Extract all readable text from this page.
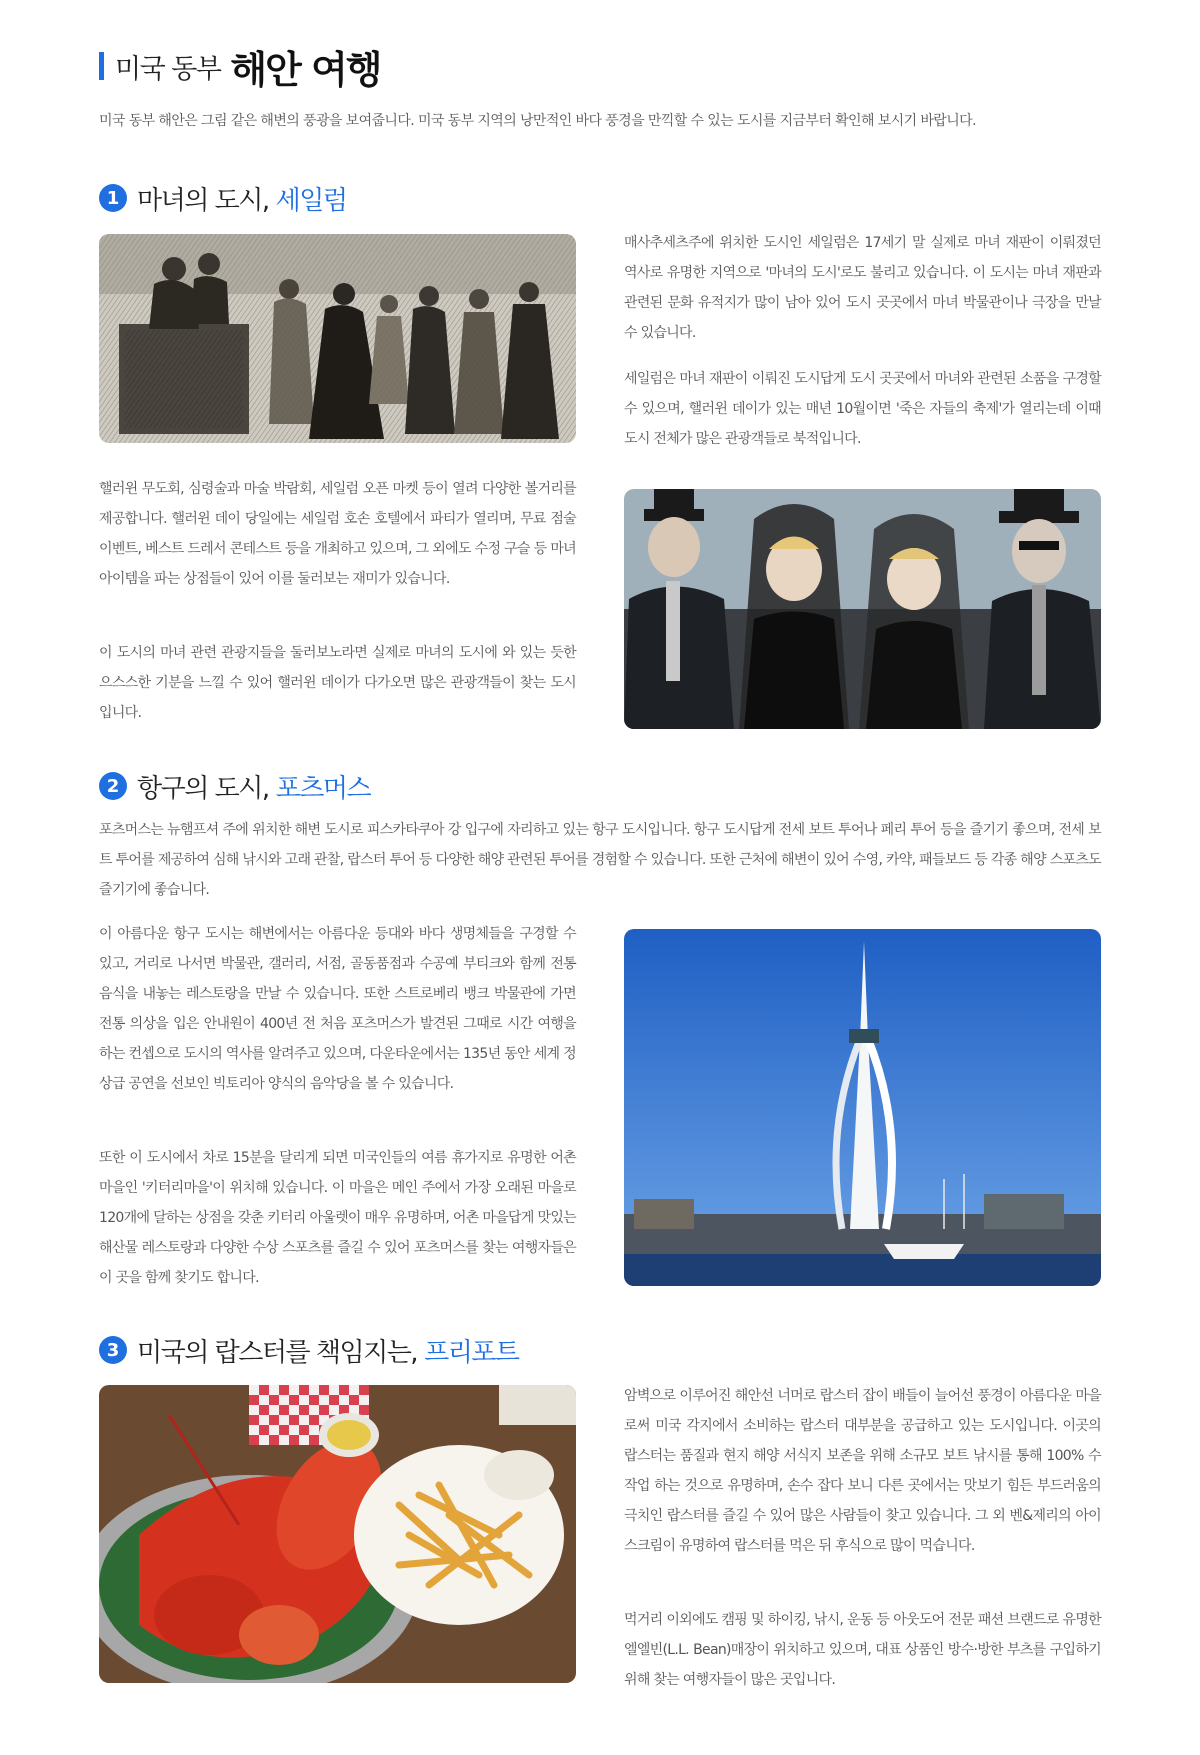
미국 동부 해안 여행

미국 동부 해안은 그림 같은 해변의 풍광을 보여줍니다. 미국 동부 지역의 낭만적인 바다 풍경을 만끽할 수 있는 도시를 지금부터 확인해 보시기 바랍니다.

1 마녀의 도시, 세일럼

매사추세츠주에 위치한 도시인 세일럼은 17세기 말 실제로 마녀 재판이 이뤄졌던 역사로 유명한 지역으로 '마녀의 도시'로도 불리고 있습니다. 이 도시는 마녀 재판과 관련된 문화 유적지가 많이 남아 있어 도시 곳곳에서 마녀 박물관이나 극장을 만날 수 있습니다.

세일럼은 마녀 재판이 이뤄진 도시답게 도시 곳곳에서 마녀와 관련된 소품을 구경할 수 있으며, 핼러윈 데이가 있는 매년 10월이면 '죽은 자들의 축제'가 열리는데 이때 도시 전체가 많은 관광객들로 북적입니다.

핼러윈 무도회, 심령술과 마술 박람회, 세일럼 오픈 마켓 등이 열려 다양한 볼거리를 제공합니다. 핼러윈 데이 당일에는 세일럼 호손 호텔에서 파티가 열리며, 무료 점술 이벤트, 베스트 드레서 콘테스트 등을 개최하고 있으며, 그 외에도 수정 구슬 등 마녀 아이템을 파는 상점들이 있어 이를 둘러보는 재미가 있습니다.

이 도시의 마녀 관련 관광지들을 둘러보노라면 실제로 마녀의 도시에 와 있는 듯한 으스스한 기분을 느낄 수 있어 핼러윈 데이가 다가오면 많은 관광객들이 찾는 도시입니다.

2 항구의 도시, 포츠머스

포츠머스는 뉴햄프셔 주에 위치한 해변 도시로 피스카타쿠아 강 입구에 자리하고 있는 항구 도시입니다. 항구 도시답게 전세 보트 투어나 페리 투어 등을 즐기기 좋으며, 전세 보트 투어를 제공하여 심해 낚시와 고래 관찰, 랍스터 투어 등 다양한 해양 관련된 투어를 경험할 수 있습니다. 또한 근처에 해변이 있어 수영, 카약, 패들보드 등 각종 해양 스포츠도 즐기기에 좋습니다.

이 아름다운 항구 도시는 해변에서는 아름다운 등대와 바다 생명체들을 구경할 수 있고, 거리로 나서면 박물관, 갤러리, 서점, 골동품점과 수공예 부티크와 함께 전통 음식을 내놓는 레스토랑을 만날 수 있습니다. 또한 스트로베리 뱅크 박물관에 가면 전통 의상을 입은 안내원이 400년 전 처음 포츠머스가 발견된 그때로 시간 여행을 하는 컨셉으로 도시의 역사를 알려주고 있으며, 다운타운에서는 135년 동안 세계 정상급 공연을 선보인 빅토리아 양식의 음악당을 볼 수 있습니다.

또한 이 도시에서 차로 15분을 달리게 되면 미국인들의 여름 휴가지로 유명한 어촌마을인 '키터리마을'이 위치해 있습니다. 이 마을은 메인 주에서 가장 오래된 마을로 120개에 달하는 상점을 갖춘 키터리 아울렛이 매우 유명하며, 어촌 마을답게 맛있는 해산물 레스토랑과 다양한 수상 스포츠를 즐길 수 있어 포츠머스를 찾는 여행자들은 이 곳을 함께 찾기도 합니다.

3 미국의 랍스터를 책임지는, 프리포트

암벽으로 이루어진 해안선 너머로 랍스터 잡이 배들이 늘어선 풍경이 아름다운 마을로써 미국 각지에서 소비하는 랍스터 대부분을 공급하고 있는 도시입니다. 이곳의 랍스터는 품질과 현지 해양 서식지 보존을 위해 소규모 보트 낚시를 통해 100% 수작업 하는 것으로 유명하며, 손수 잡다 보니 다른 곳에서는 맛보기 힘든 부드러움의 극치인 랍스터를 즐길 수 있어 많은 사람들이 찾고 있습니다. 그 외 벤&제리의 아이스크림이 유명하여 랍스터를 먹은 뒤 후식으로 많이 먹습니다.

먹거리 이외에도 캠핑 및 하이킹, 낚시, 운동 등 아웃도어 전문 패션 브랜드로 유명한 엘엘빈(L.L. Bean)매장이 위치하고 있으며, 대표 상품인 방수·방한 부츠를 구입하기 위해 찾는 여행자들이 많은 곳입니다.
